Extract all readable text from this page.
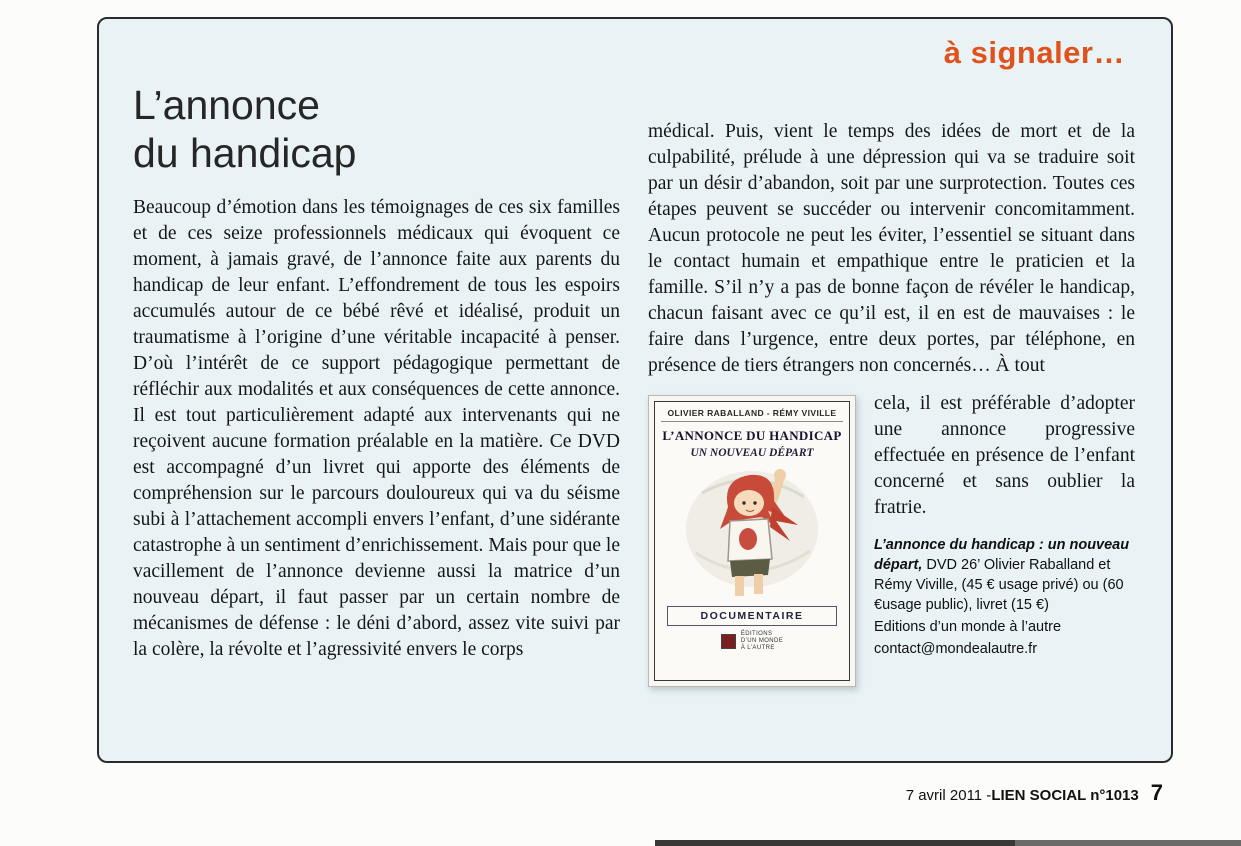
à signaler…
L’annonce
du handicap

Beaucoup d’émotion dans les témoignages de ces six familles et de ces seize professionnels médicaux qui évoquent ce moment, à jamais gravé, de l’annonce faite aux parents du handicap de leur enfant. L’effondrement de tous les espoirs accumulés autour de ce bébé rêvé et idéalisé, produit un traumatisme à l’origine d’une véritable incapacité à penser. D’où l’intérêt de ce support pédagogique permettant de réfléchir aux modalités et aux conséquences de cette annonce. Il est tout particulièrement adapté aux intervenants qui ne reçoivent aucune formation préalable en la matière. Ce DVD est accompagné d’un livret qui apporte des éléments de compréhension sur le parcours douloureux qui va du séisme subi à l’attachement accompli envers l’enfant, d’une sidérante catastrophe à un sentiment d’enrichissement. Mais pour que le vacillement de l’annonce devienne aussi la matrice d’un nouveau départ, il faut passer par un certain nombre de mécanismes de défense : le déni d’abord, assez vite suivi par la colère, la révolte et l’agressivité envers le corps

médical. Puis, vient le temps des idées de mort et de la culpabilité, prélude à une dépression qui va se traduire soit par un désir d’abandon, soit par une surprotection. Toutes ces étapes peuvent se succéder ou intervenir concomitamment. Aucun protocole ne peut les éviter, l’essentiel se situant dans le contact humain et empathique entre le praticien et la famille. S’il n’y a pas de bonne façon de révéler le handicap, chacun faisant avec ce qu’il est, il en est de mauvaises : le faire dans l’urgence, entre deux portes, par téléphone, en présence de tiers étrangers non concernés… À tout

OLIVIER RABALLAND - RÉMY VIVILLE
L’ANNONCE DU HANDICAP
UN NOUVEAU DÉPART
DOCUMENTAIRE
ÉDITIONS
D’UN MONDE
À L’AUTRE

cela, il est préférable d’adopter une annonce progressive effectuée en présence de l’enfant concerné et sans oublier la fratrie.

L’annonce du handicap : un nouveau départ, DVD 26’ Olivier Raballand et Rémy Viville, (45 € usage privé) ou (60 €usage public), livret (15 €)

Editions d’un monde à l’autre
contact@mondealautre.fr
7 avril 2011 - LIEN SOCIAL n°1013 7
